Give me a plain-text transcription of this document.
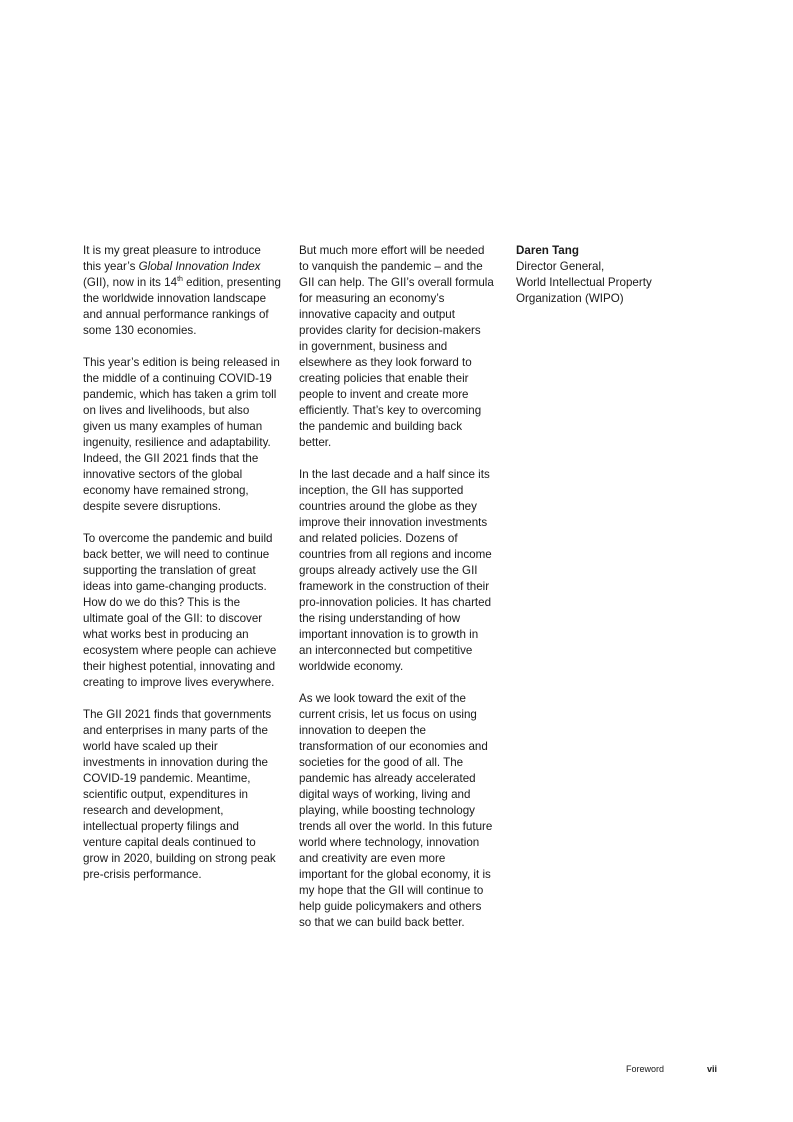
It is my great pleasure to introduce
this year’s Global Innovation Index
(GII), now in its 14th edition, presenting
the worldwide innovation landscape
and annual performance rankings of
some 130 economies.

This year’s edition is being released in
the middle of a continuing COVID-19
pandemic, which has taken a grim toll
on lives and livelihoods, but also
given us many examples of human
ingenuity, resilience and adaptability.
Indeed, the GII 2021 finds that the
innovative sectors of the global
economy have remained strong,
despite severe disruptions.

To overcome the pandemic and build
back better, we will need to continue
supporting the translation of great
ideas into game-changing products.
How do we do this? This is the
ultimate goal of the GII: to discover
what works best in producing an
ecosystem where people can achieve
their highest potential, innovating and
creating to improve lives everywhere.

The GII 2021 finds that governments
and enterprises in many parts of the
world have scaled up their
investments in innovation during the
COVID-19 pandemic. Meantime,
scientific output, expenditures in
research and development,
intellectual property filings and
venture capital deals continued to
grow in 2020, building on strong peak
pre-crisis performance.

But much more effort will be needed
to vanquish the pandemic – and the
GII can help. The GII’s overall formula
for measuring an economy’s
innovative capacity and output
provides clarity for decision-makers
in government, business and
elsewhere as they look forward to
creating policies that enable their
people to invent and create more
efficiently. That’s key to overcoming
the pandemic and building back
better.

In the last decade and a half since its
inception, the GII has supported
countries around the globe as they
improve their innovation investments
and related policies. Dozens of
countries from all regions and income
groups already actively use the GII
framework in the construction of their
pro-innovation policies. It has charted
the rising understanding of how
important innovation is to growth in
an interconnected but competitive
worldwide economy.

As we look toward the exit of the
current crisis, let us focus on using
innovation to deepen the
transformation of our economies and
societies for the good of all. The
pandemic has already accelerated
digital ways of working, living and
playing, while boosting technology
trends all over the world. In this future
world where technology, innovation
and creativity are even more
important for the global economy, it is
my hope that the GII will continue to
help guide policymakers and others
so that we can build back better.

Daren Tang
Director General,
World Intellectual Property
Organization (WIPO)
Foreword	vii
